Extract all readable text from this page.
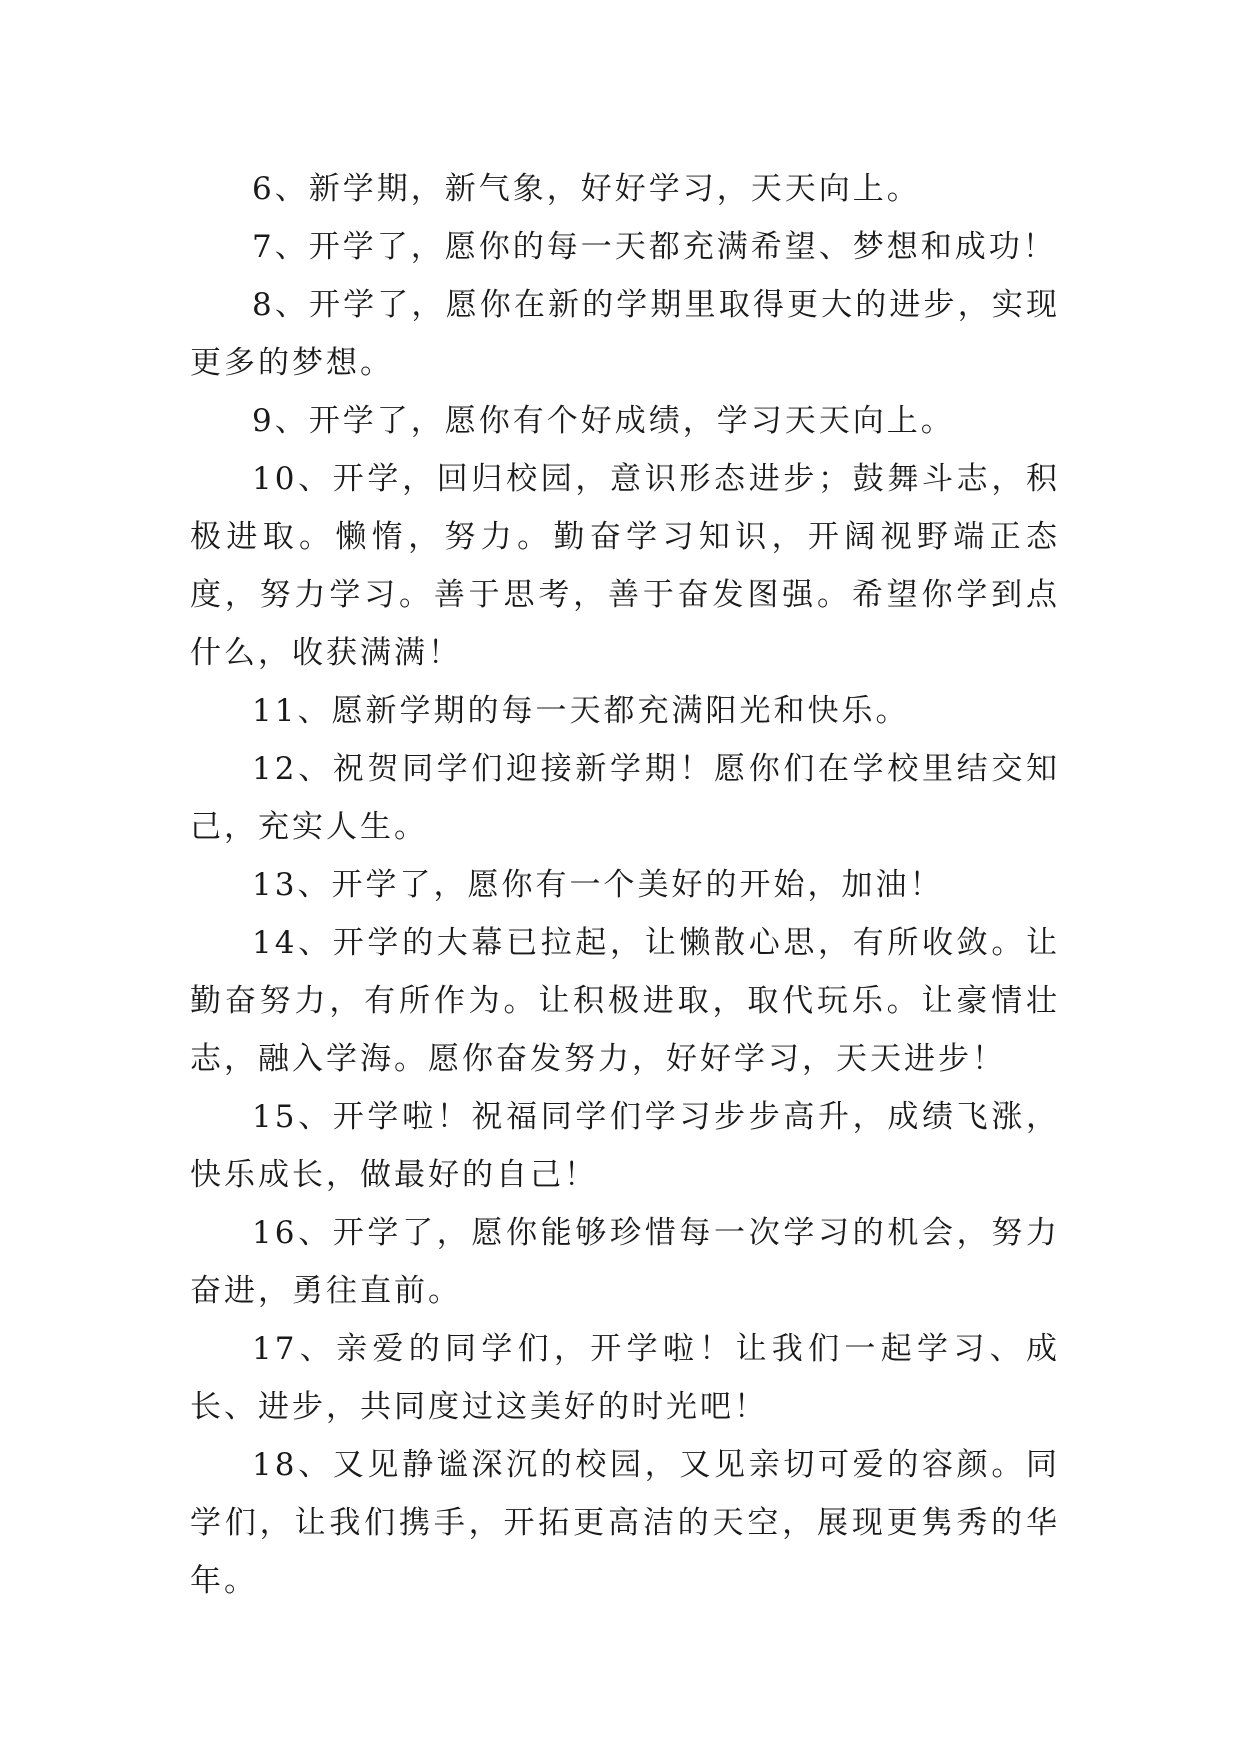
6、新学期，新气象，好好学习，天天向上。

7、开学了，愿你的每一天都充满希望、梦想和成功！

8、开学了，愿你在新的学期里取得更大的进步，实现更多的梦想。

9、开学了，愿你有个好成绩，学习天天向上。

10、开学，回归校园，意识形态进步；鼓舞斗志，积极进取。懒惰，努力。勤奋学习知识，开阔视野端正态度，努力学习。善于思考，善于奋发图强。希望你学到点什么，收获满满！

11、愿新学期的每一天都充满阳光和快乐。

12、祝贺同学们迎接新学期！愿你们在学校里结交知己，充实人生。

13、开学了，愿你有一个美好的开始，加油！

14、开学的大幕已拉起，让懒散心思，有所收敛。让勤奋努力，有所作为。让积极进取，取代玩乐。让豪情壮志，融入学海。愿你奋发努力，好好学习，天天进步！

15、开学啦！祝福同学们学习步步高升，成绩飞涨，快乐成长，做最好的自己！

16、开学了，愿你能够珍惜每一次学习的机会，努力奋进，勇往直前。

17、亲爱的同学们，开学啦！让我们一起学习、成长、进步，共同度过这美好的时光吧！

18、又见静谧深沉的校园，又见亲切可爱的容颜。同学们，让我们携手，开拓更高洁的天空，展现更隽秀的华年。
